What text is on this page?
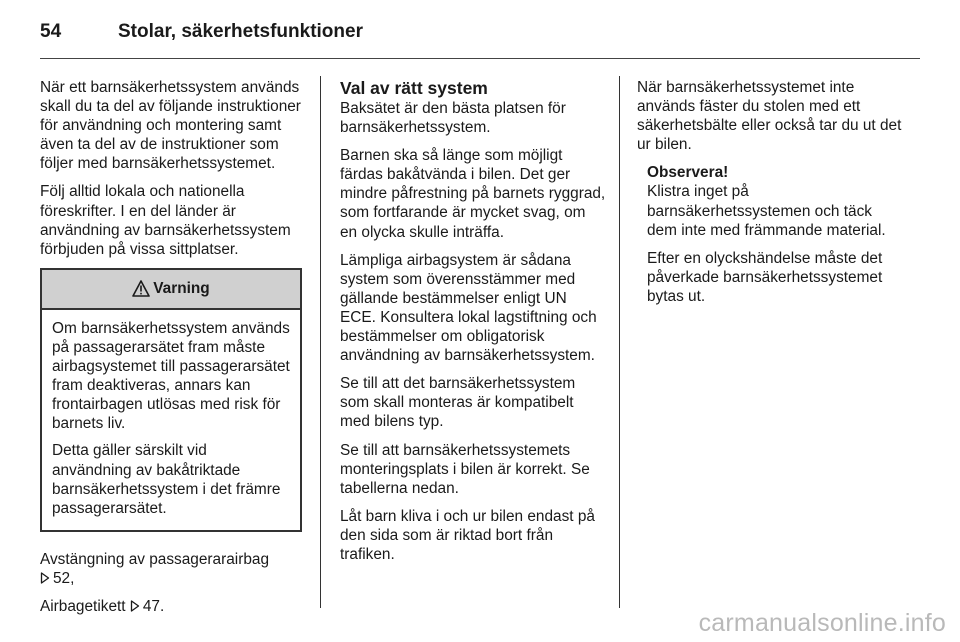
54	Stolar, säkerhetsfunktioner

När ett barnsäkerhetssystem används skall du ta del av följande instruktioner för användning och montering samt även ta del av de instruktioner som följer med barnsäkerhetssystemet.

Följ alltid lokala och nationella föreskrifter. I en del länder är användning av barnsäkerhetssystem förbjuden på vissa sittplatser.

Varning

Om barnsäkerhetssystem används på passagerarsätet fram måste airbagsystemet till passagerarsätet fram deaktiveras, annars kan frontairbagen utlösas med risk för barnets liv.

Detta gäller särskilt vid användning av bakåtriktade barnsäkerhetssystem i det främre passagerarsätet.

Avstängning av passagerarairbag
52,

Airbagetikett 47.

Val av rätt system

Baksätet är den bästa platsen för barnsäkerhetssystem.

Barnen ska så länge som möjligt färdas bakåtvända i bilen. Det ger mindre påfrestning på barnets ryggrad, som fortfarande är mycket svag, om en olycka skulle inträffa.

Lämpliga airbagsystem är sådana system som överensstämmer med gällande bestämmelser enligt UN ECE. Konsultera lokal lagstiftning och bestämmelser om obligatorisk användning av barnsäkerhetssystem.

Se till att det barnsäkerhetssystem som skall monteras är kompatibelt med bilens typ.

Se till att barnsäkerhetssystemets monteringsplats i bilen är korrekt. Se tabellerna nedan.

Låt barn kliva i och ur bilen endast på den sida som är riktad bort från trafiken.

När barnsäkerhetssystemet inte används fäster du stolen med ett säkerhetsbälte eller också tar du ut det ur bilen.

Observera!

Klistra inget på barnsäkerhetssystemen och täck dem inte med främmande material.

Efter en olyckshändelse måste det påverkade barnsäkerhetssystemet bytas ut.

carmanualsonline.info
